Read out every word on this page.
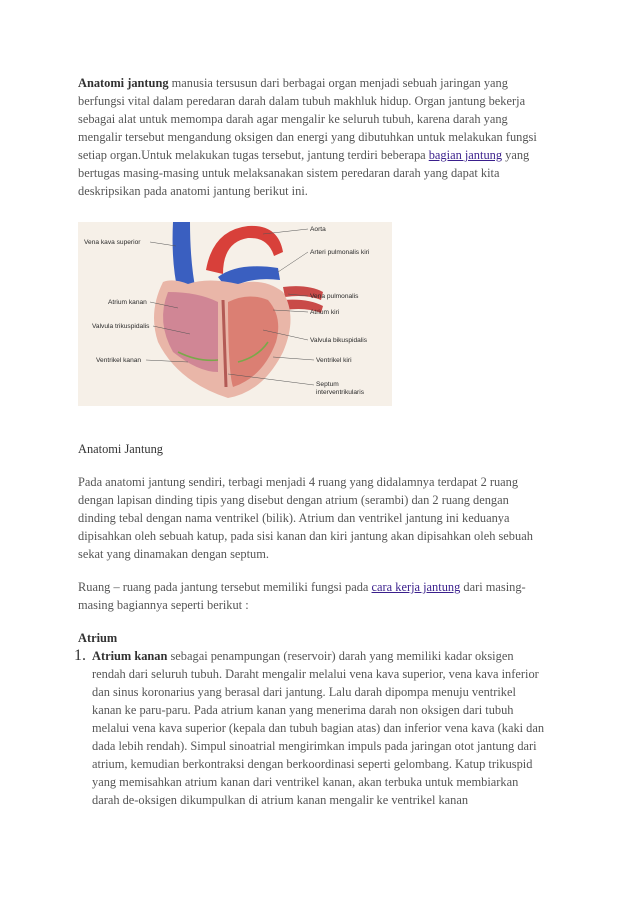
Anatomi jantung manusia tersusun dari berbagai organ menjadi sebuah jaringan yang berfungsi vital dalam peredaran darah dalam tubuh makhluk hidup. Organ jantung bekerja sebagai alat untuk memompa darah agar mengalir ke seluruh tubuh, karena darah yang mengalir tersebut mengandung oksigen dan energi yang dibutuhkan untuk melakukan fungsi setiap organ.Untuk melakukan tugas tersebut, jantung terdiri beberapa bagian jantung yang bertugas masing-masing untuk melaksanakan sistem peredaran darah yang dapat kita deskripsikan pada anatomi jantung berikut ini.

Vena kava superior
Aorta
Arteri pulmonalis kiri
Atrium kanan
Vena pulmonalis
Atrium kiri
Valvula trikuspidalis
Valvula bikuspidalis
Ventrikel kanan	Ventrikel kiri
Septum
interventrikularis

Anatomi Jantung

Pada anatomi jantung sendiri, terbagi menjadi 4 ruang yang didalamnya terdapat 2 ruang dengan lapisan dinding tipis yang disebut dengan atrium (serambi) dan 2 ruang dengan dinding tebal dengan nama ventrikel (bilik). Atrium dan ventrikel jantung ini keduanya dipisahkan oleh sebuah katup, pada sisi kanan dan kiri jantung akan dipisahkan oleh sebuah sekat yang dinamakan dengan septum.

Ruang – ruang pada jantung tersebut memiliki fungsi pada cara kerja jantung dari masing-masing bagiannya seperti berikut :

Atrium

1. Atrium kanan sebagai penampungan (reservoir) darah yang memiliki kadar oksigen rendah dari seluruh tubuh. Daraht mengalir melalui vena kava superior, vena kava inferior dan sinus koronarius yang berasal dari jantung. Lalu darah dipompa menuju ventrikel kanan ke paru-paru. Pada atrium kanan yang menerima darah non oksigen dari tubuh melalui vena kava superior (kepala dan tubuh bagian atas) dan inferior vena kava (kaki dan dada lebih rendah). Simpul sinoatrial mengirimkan impuls pada jaringan otot jantung dari atrium, kemudian berkontraksi dengan berkoordinasi seperti gelombang. Katup trikuspid yang memisahkan atrium kanan dari ventrikel kanan, akan terbuka untuk membiarkan darah de-oksigen dikumpulkan di atrium kanan mengalir ke ventrikel kanan
